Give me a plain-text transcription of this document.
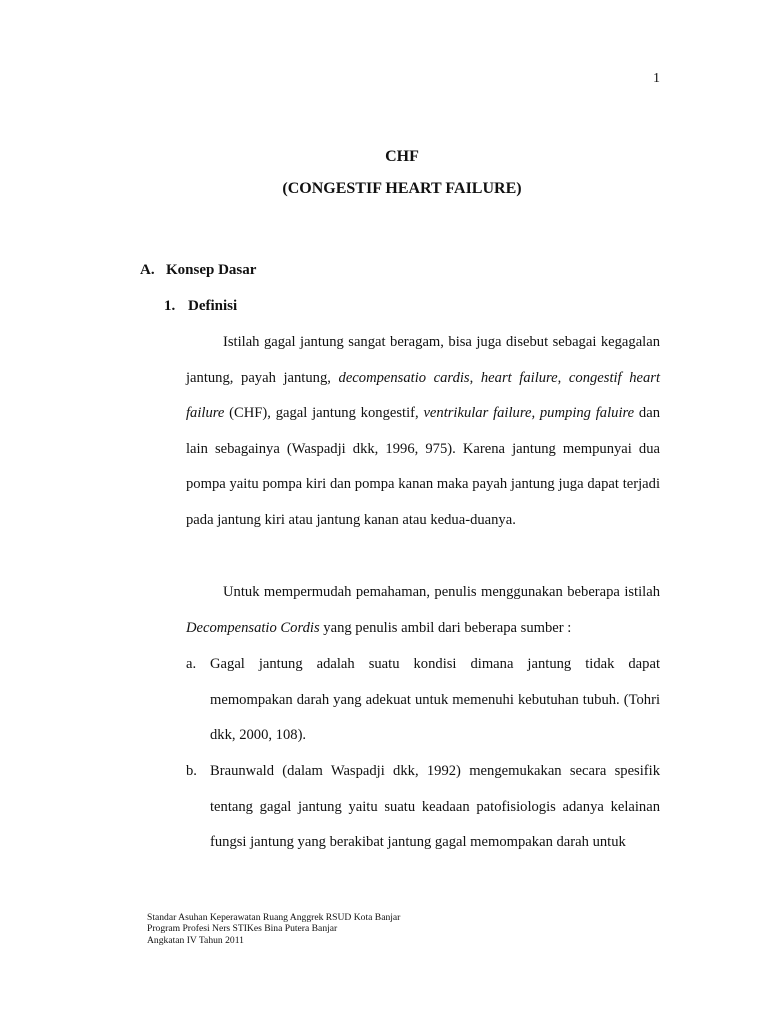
1
CHF
(CONGESTIF HEART FAILURE)
A. Konsep Dasar
1. Definisi

Istilah gagal jantung sangat beragam, bisa juga disebut sebagai kegagalan jantung, payah jantung, decompensatio cardis, heart failure, congestif heart failure (CHF), gagal jantung kongestif, ventrikular failure, pumping faluire dan lain sebagainya (Waspadji dkk, 1996, 975). Karena jantung mempunyai dua pompa yaitu pompa kiri dan pompa kanan maka payah jantung juga dapat terjadi pada jantung kiri atau jantung kanan atau kedua-duanya.

Untuk mempermudah pemahaman, penulis menggunakan beberapa istilah Decompensatio Cordis yang penulis ambil dari beberapa sumber :

a. Gagal jantung adalah suatu kondisi dimana jantung tidak dapat memompakan darah yang adekuat untuk memenuhi kebutuhan tubuh. (Tohri dkk, 2000, 108).
b. Braunwald (dalam Waspadji dkk, 1992) mengemukakan secara spesifik tentang gagal jantung yaitu suatu keadaan patofisiologis adanya kelainan fungsi jantung yang berakibat jantung gagal memompakan darah untuk
Standar Asuhan Keperawatan Ruang Anggrek RSUD Kota Banjar
Program Profesi Ners STIKes Bina Putera Banjar
Angkatan IV Tahun 2011
